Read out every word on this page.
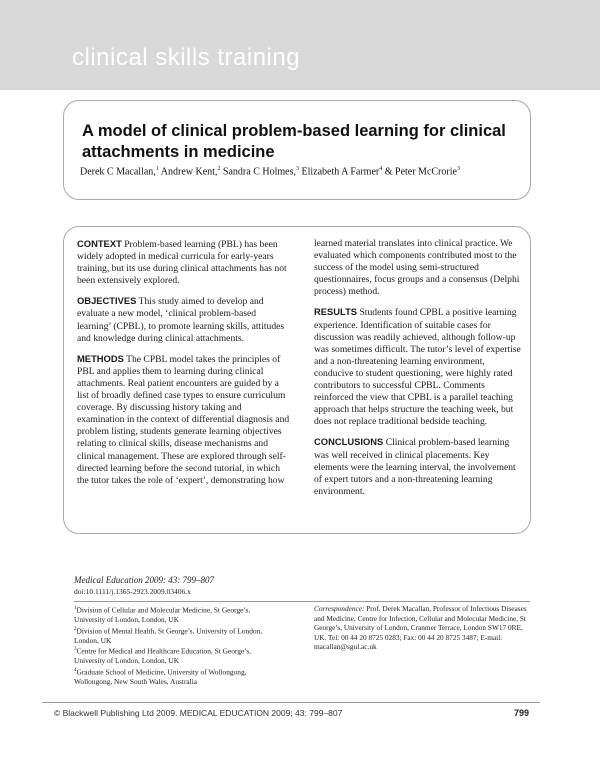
clinical skills training
A model of clinical problem-based learning for clinical attachments in medicine
Derek C Macallan,$^1$ Andrew Kent,$^2$ Sandra C Holmes,$^3$ Elizabeth A Farmer$^4$ & Peter McCrorie$^3$

CONTEXT Problem-based learning (PBL) has been widely adopted in medical curricula for early-years training, but its use during clinical attachments has not been extensively explored.

OBJECTIVES This study aimed to develop and evaluate a new model, ‘clinical problem-based learning’ (CPBL), to promote learning skills, attitudes and knowledge during clinical attachments.

METHODS The CPBL model takes the principles of PBL and applies them to learning during clinical attachments. Real patient encounters are guided by a list of broadly defined case types to ensure curriculum coverage. By discussing history taking and examination in the context of differential diagnosis and problem listing, students generate learning objectives relating to clinical skills, disease mechanisms and clinical management. These are explored through self-directed learning before the second tutorial, in which the tutor takes the role of ‘expert’, demonstrating how

learned material translates into clinical practice. We evaluated which components contributed most to the success of the model using semi-structured questionnaires, focus groups and a consensus (Delphi process) method.

RESULTS Students found CPBL a positive learning experience. Identification of suitable cases for discussion was readily achieved, although follow-up was sometimes difficult. The tutor’s level of expertise and a non-threatening learning environment, conducive to student questioning, were highly rated contributors to successful CPBL. Comments reinforced the view that CPBL is a parallel teaching approach that helps structure the teaching week, but does not replace traditional bedside teaching.

CONCLUSIONS Clinical problem-based learning was well received in clinical placements. Key elements were the learning interval, the involvement of expert tutors and a non-threatening learning environment.

Medical Education 2009: 43: 799–807
doi:10.1111/j.1365-2923.2009.03406.x
$^1$Division of Cellular and Molecular Medicine, St George’s, University of London, London, UK
$^2$Division of Mental Health, St George’s, University of London, London, UK
$^3$Centre for Medical and Healthcare Education, St George’s, University of London, London, UK
$^4$Graduate School of Medicine, University of Wollongong, Wollongong, New South Wales, Australia
Correspondence: Prof. Derek Macallan, Professor of Infectious Diseases and Medicine, Centre for Infection, Cellular and Molecular Medicine, St George’s, University of London, Cranmer Terrace, London SW17 0RE, UK. Tel: 00 44 20 8725 0283; Fax: 00 44 20 8725 3487; E-mail: macallan@sgul.ac.uk
© Blackwell Publishing Ltd 2009. MEDICAL EDUCATION 2009; 43: 799–807	799
